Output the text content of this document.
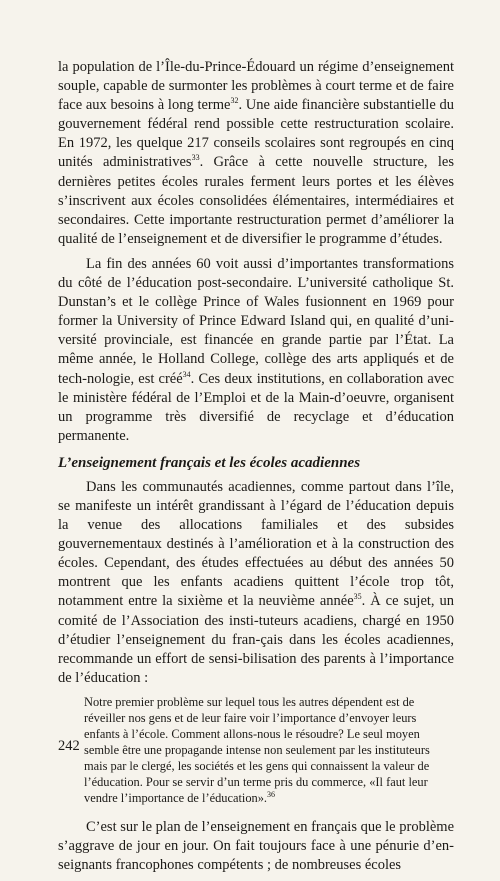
la population de l’Île-du-Prince-Édouard un régime d’enseignement souple, capable de surmonter les problèmes à court terme et de faire face aux besoins à long terme$^{32}$. Une aide financière substantielle du gouvernement fédéral rend possible cette restructuration scolaire. En 1972, les quelque 217 conseils scolaires sont regroupés en cinq unités administratives$^{33}$. Grâce à cette nouvelle structure, les dernières petites écoles rurales ferment leurs portes et les élèves s’inscrivent aux écoles consolidées élémentaires, intermédiaires et secondaires. Cette importante restructuration permet d’améliorer la qualité de l’enseignement et de diversifier le programme d’études.

La fin des années 60 voit aussi d’importantes transformations du côté de l’éducation post-secondaire. L’université catholique St. Dunstan’s et le collège Prince of Wales fusionnent en 1969 pour former la University of Prince Edward Island qui, en qualité d’uni-versité provinciale, est financée en grande partie par l’État. La même année, le Holland College, collège des arts appliqués et de tech-nologie, est créé$^{34}$. Ces deux institutions, en collaboration avec le ministère fédéral de l’Emploi et de la Main-d’oeuvre, organisent un programme très diversifié de recyclage et d’éducation permanente.

L’enseignement français et les écoles acadiennes

Dans les communautés acadiennes, comme partout dans l’île, se manifeste un intérêt grandissant à l’égard de l’éducation depuis la venue des allocations familiales et des subsides gouvernementaux destinés à l’amélioration et à la construction des écoles. Cependant, des études effectuées au début des années 50 montrent que les enfants acadiens quittent l’école trop tôt, notamment entre la sixième et la neuvième année$^{35}$. À ce sujet, un comité de l’Association des insti-tuteurs acadiens, chargé en 1950 d’étudier l’enseignement du fran-çais dans les écoles acadiennes, recommande un effort de sensi-bilisation des parents à l’importance de l’éducation :

Notre premier problème sur lequel tous les autres dépendent est de réveiller nos gens et de leur faire voir l’importance d’envoyer leurs enfants à l’école. Comment allons-nous le résoudre? Le seul moyen semble être une propagande intense non seulement par les instituteurs mais par le clergé, les sociétés et les gens qui connaissent la valeur de l’éducation. Pour se servir d’un terme pris du commerce, «Il faut leur vendre l’importance de l’éducation».$^{36}$

C’est sur le plan de l’enseignement en français que le problème s’aggrave de jour en jour. On fait toujours face à une pénurie d’en-seignants francophones compétents ; de nombreuses écoles

242
